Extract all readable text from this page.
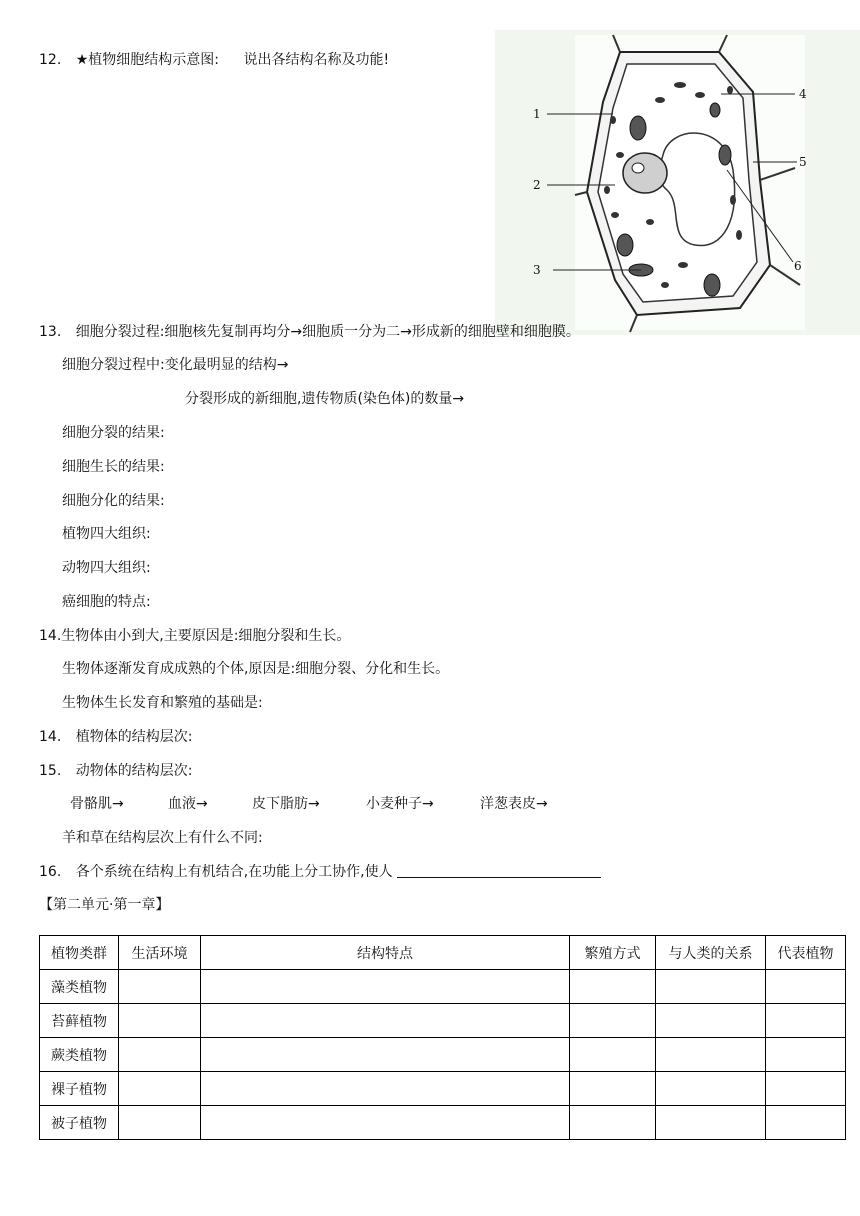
12. ★植物细胞结构示意图: 说出各结构名称及功能!
1
2
3
4
5
6
13. 细胞分裂过程:细胞核先复制再均分→细胞质一分为二→形成新的细胞壁和细胞膜。
细胞分裂过程中:变化最明显的结构→
分裂形成的新细胞,遗传物质(染色体)的数量→
细胞分裂的结果:
细胞生长的结果:
细胞分化的结果:
植物四大组织:
动物四大组织:
癌细胞的特点:
14.生物体由小到大,主要原因是:细胞分裂和生长。
生物体逐渐发育成成熟的个体,原因是:细胞分裂、分化和生长。
生物体生长发育和繁殖的基础是:
14. 植物体的结构层次:
15. 动物体的结构层次:
骨骼肌→	血液→	皮下脂肪→	小麦种子→	洋葱表皮→
羊和草在结构层次上有什么不同:
16. 各个系统在结构上有机结合,在功能上分工协作,使人
【第二单元·第一章】
植物类群	生活环境	结构特点	繁殖方式	与人类的关系	代表植物
藻类植物					
苔藓植物					
蕨类植物					
裸子植物					
被子植物					
